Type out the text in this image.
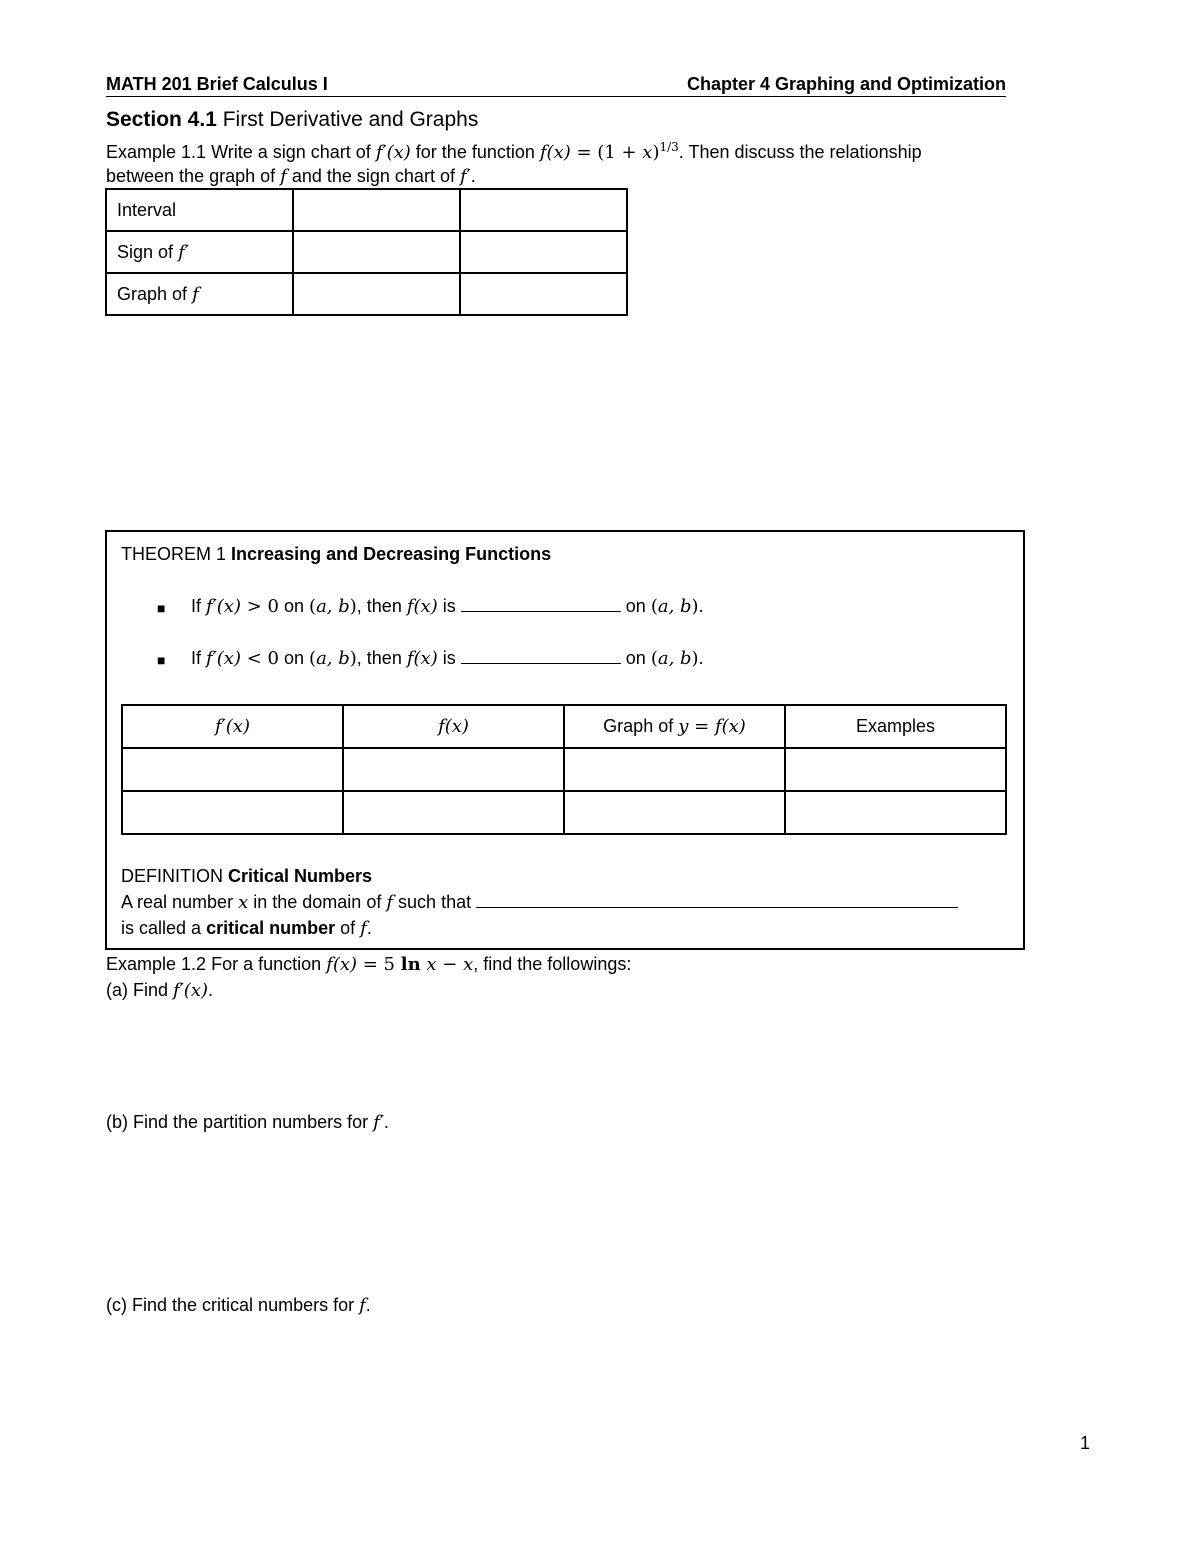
MATH 201 Brief Calculus I	Chapter 4 Graphing and Optimization
Section 4.1 First Derivative and Graphs
Example 1.1 Write a sign chart of f′(x) for the function $f(x) = (1 + x)^{1/3}$. Then discuss the relationship
between the graph of f and the sign chart of f′.
Interval		
Sign of f′		
Graph of f		
THEOREM 1 Increasing and Decreasing Functions
■ If f′(x) > 0 on (a, b), then f(x) is	on (a, b).
■ If f′(x) < 0 on (a, b), then f(x) is	on (a, b).
f′(x)	f(x)	Graph of y = f(x)	Examples

DEFINITION Critical Numbers
A real number x in the domain of f such that
is called a critical number of f.
Example 1.2 For a function f(x) = 5 ln x − x, find the followings:
(a) Find f′(x).
(b) Find the partition numbers for f′.
(c) Find the critical numbers for f.
1
